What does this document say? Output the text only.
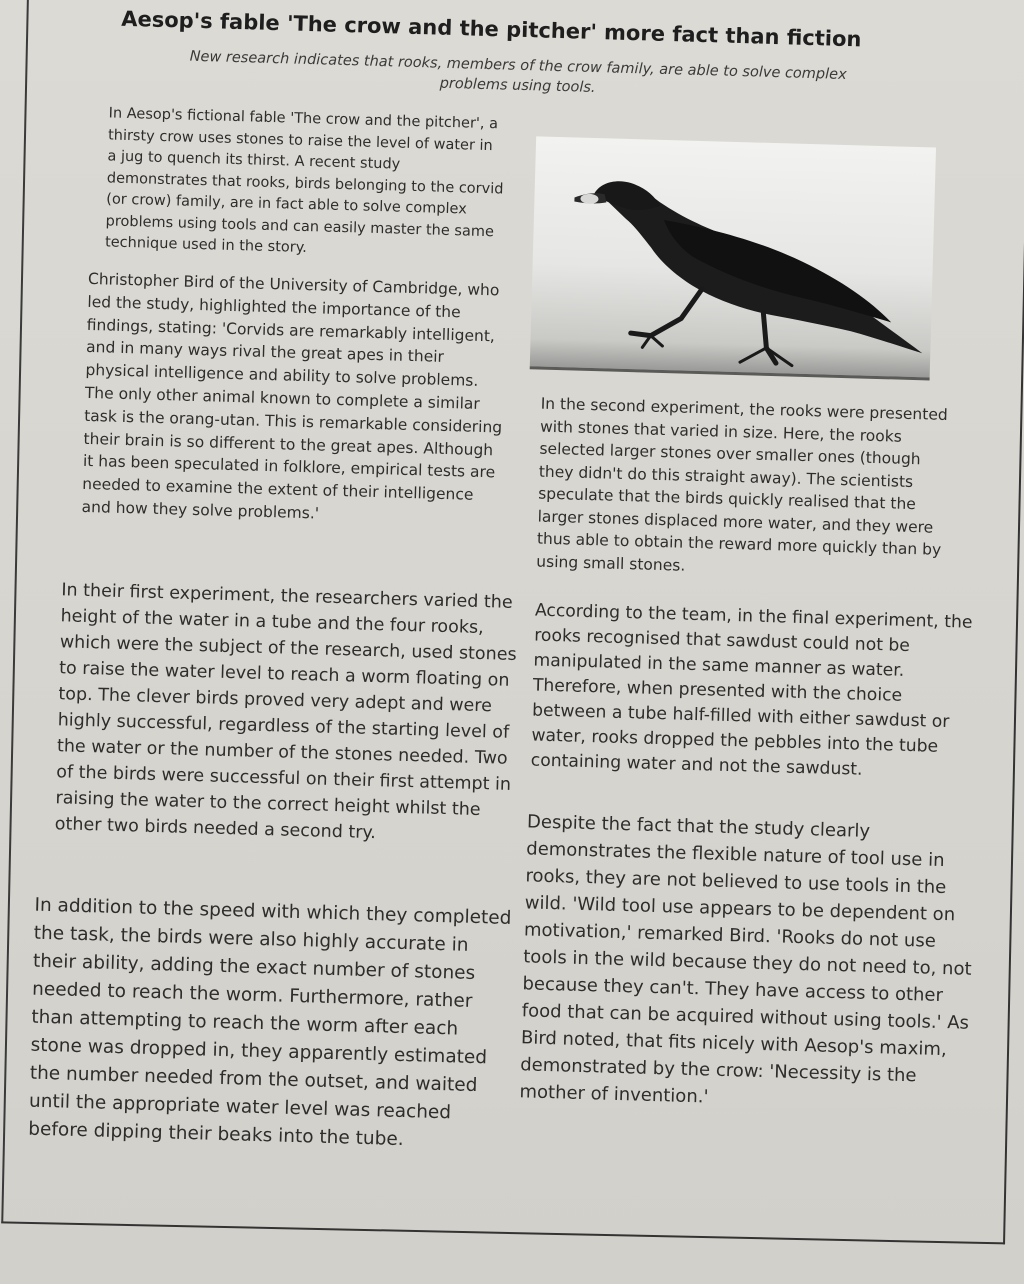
Aesop's fable 'The crow and the pitcher' more fact than fiction
New research indicates that rooks, members of the crow family, are able to solve complex problems using tools.

In Aesop's fictional fable 'The crow and the pitcher', a thirsty crow uses stones to raise the level of water in a jug to quench its thirst. A recent study demonstrates that rooks, birds belonging to the corvid (or crow) family, are in fact able to solve complex problems using tools and can easily master the same technique used in the story.

Christopher Bird of the University of Cambridge, who led the study, highlighted the importance of the findings, stating: 'Corvids are remarkably intelligent, and in many ways rival the great apes in their physical intelligence and ability to solve problems. The only other animal known to complete a similar task is the orang-utan. This is remarkable considering their brain is so different to the great apes. Although it has been speculated in folklore, empirical tests are needed to examine the extent of their intelligence and how they solve problems.'

In their first experiment, the researchers varied the height of the water in a tube and the four rooks, which were the subject of the research, used stones to raise the water level to reach a worm floating on top. The clever birds proved very adept and were highly successful, regardless of the starting level of the water or the number of the stones needed. Two of the birds were successful on their first attempt in raising the water to the correct height whilst the other two birds needed a second try.

In addition to the speed with which they completed the task, the birds were also highly accurate in their ability, adding the exact number of stones needed to reach the worm. Furthermore, rather than attempting to reach the worm after each stone was dropped in, they apparently estimated the number needed from the outset, and waited until the appropriate water level was reached before dipping their beaks into the tube.

In the second experiment, the rooks were presented with stones that varied in size. Here, the rooks selected larger stones over smaller ones (though they didn't do this straight away). The scientists speculate that the birds quickly realised that the larger stones displaced more water, and they were thus able to obtain the reward more quickly than by using small stones.

According to the team, in the final experiment, the rooks recognised that sawdust could not be manipulated in the same manner as water. Therefore, when presented with the choice between a tube half-filled with either sawdust or water, rooks dropped the pebbles into the tube containing water and not the sawdust.

Despite the fact that the study clearly demonstrates the flexible nature of tool use in rooks, they are not believed to use tools in the wild. 'Wild tool use appears to be dependent on motivation,' remarked Bird. 'Rooks do not use tools in the wild because they do not need to, not because they can't. They have access to other food that can be acquired without using tools.' As Bird noted, that fits nicely with Aesop's maxim, demonstrated by the crow: 'Necessity is the mother of invention.'
